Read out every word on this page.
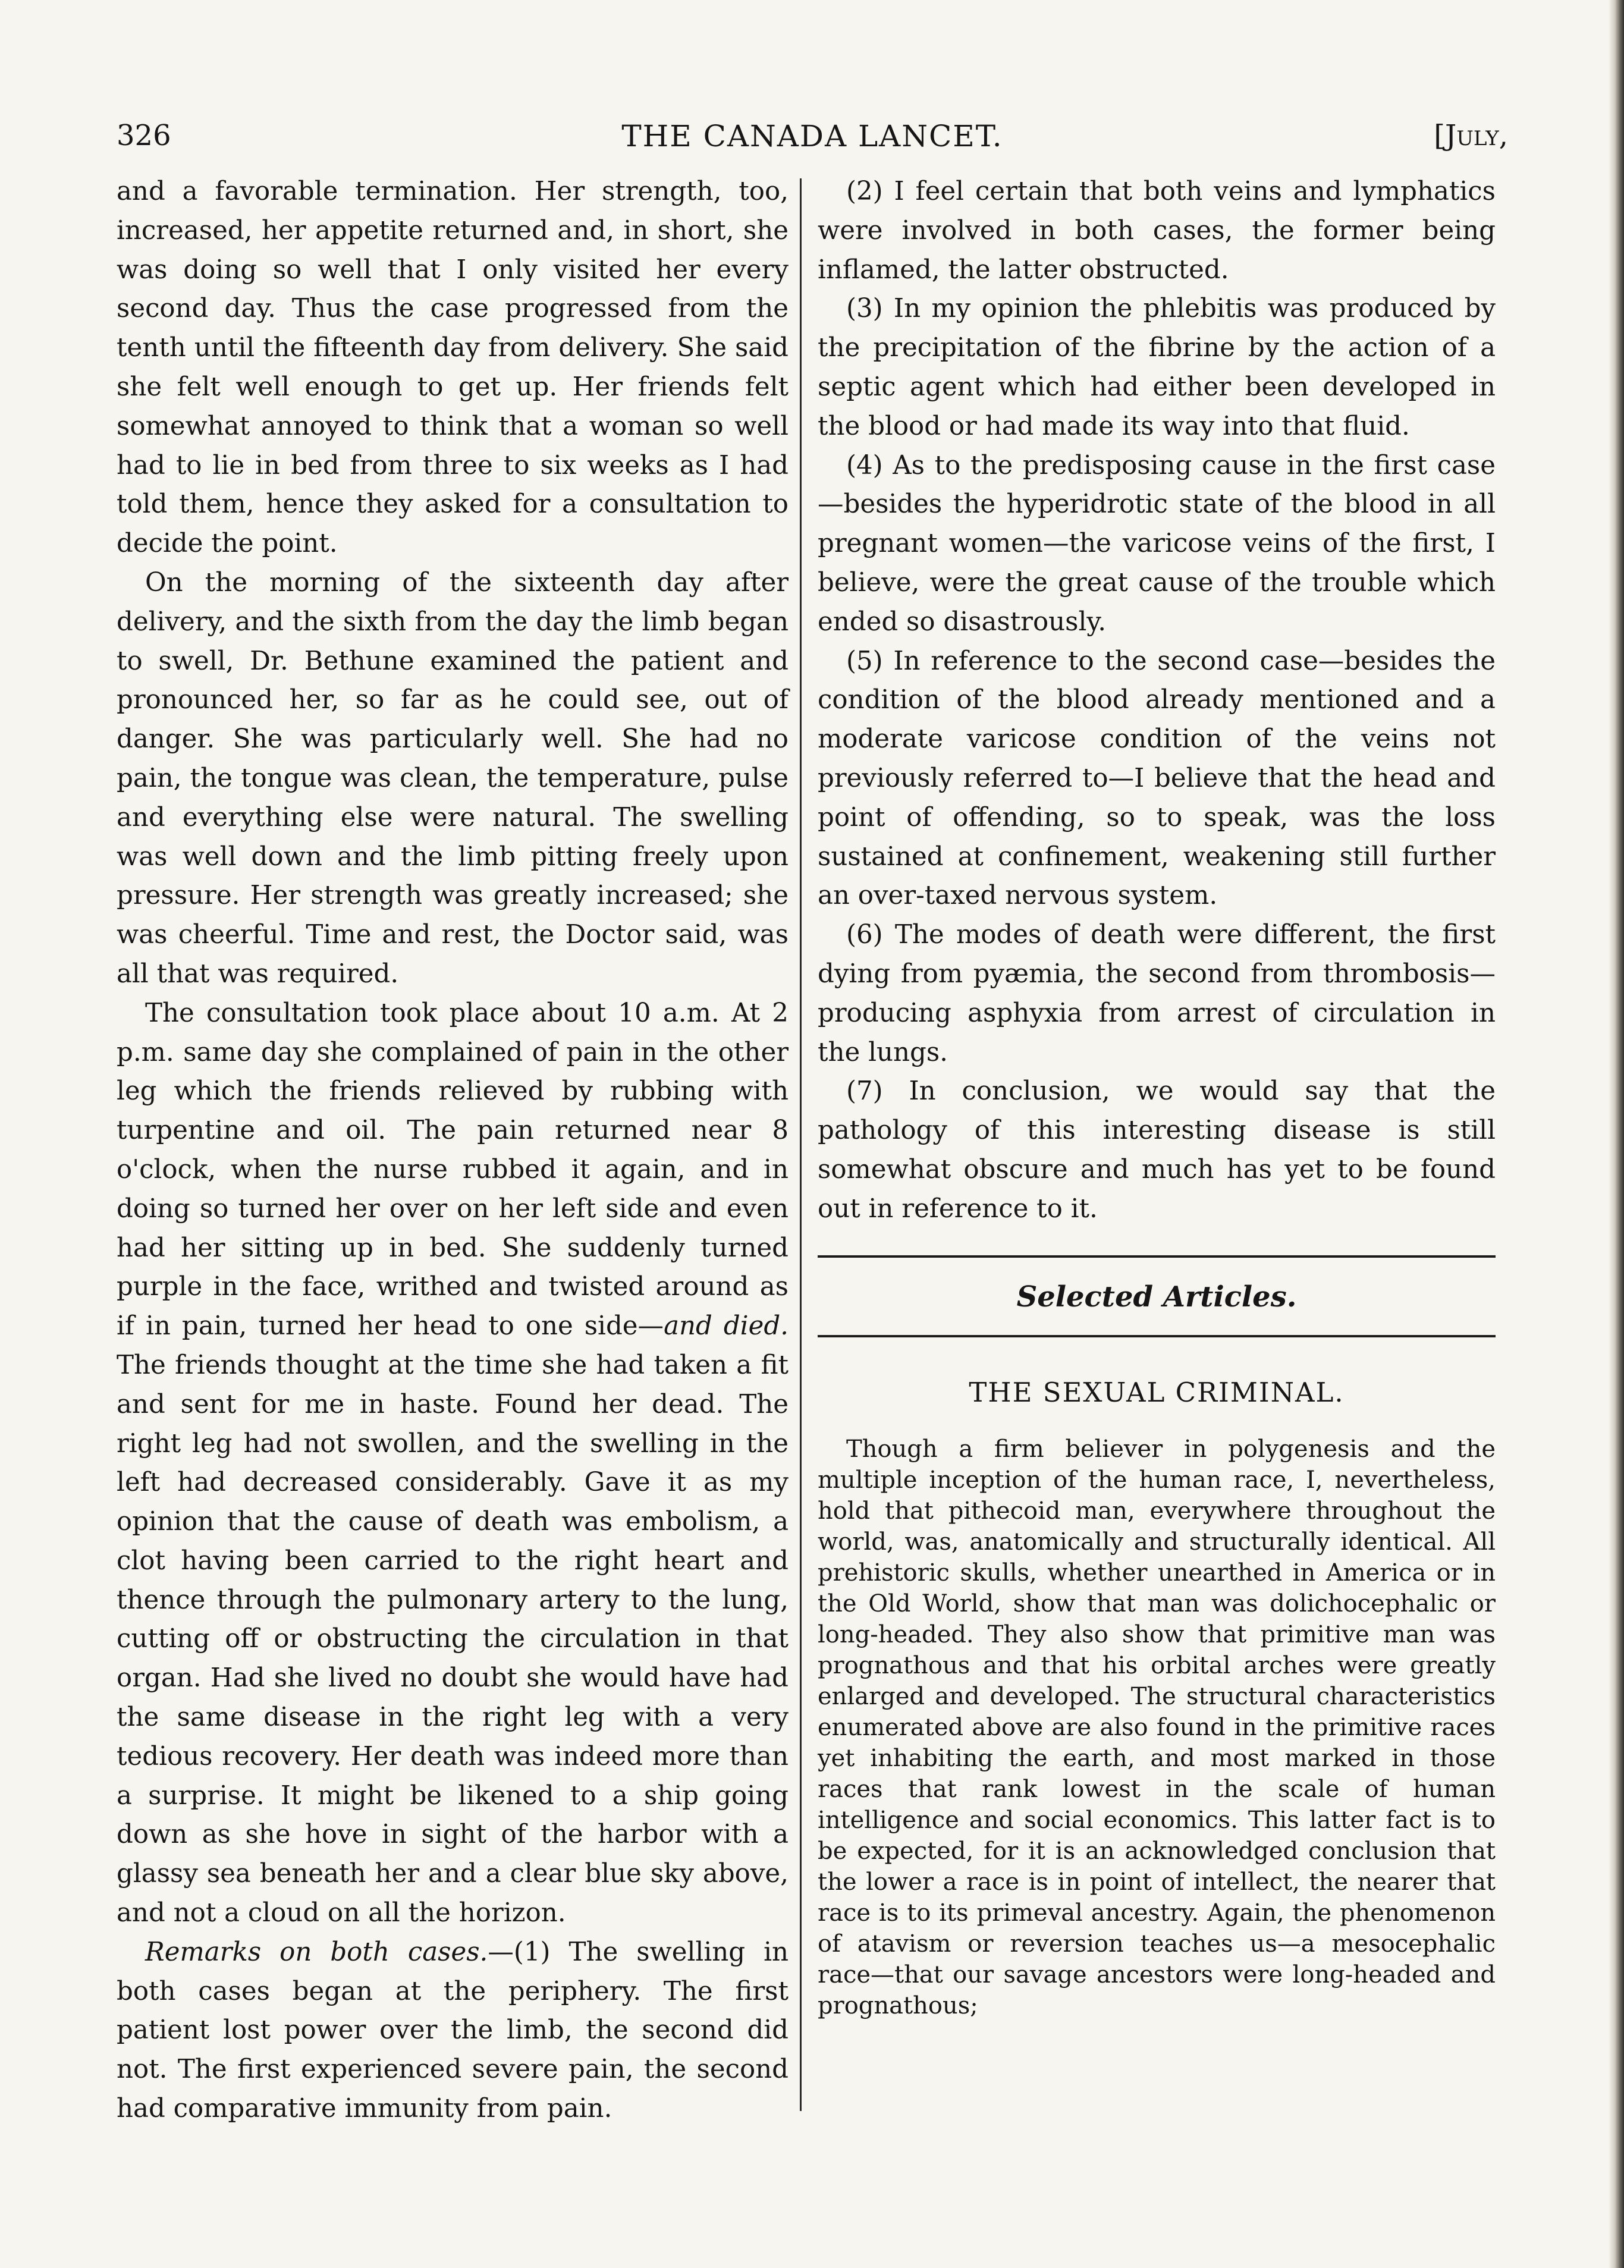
326	THE CANADA LANCET.	[July,

and a favorable termination. Her strength, too, increased, her appetite returned and, in short, she was doing so well that I only visited her every second day. Thus the case progressed from the tenth until the fifteenth day from delivery. She said she felt well enough to get up. Her friends felt somewhat annoyed to think that a woman so well had to lie in bed from three to six weeks as I had told them, hence they asked for a consultation to decide the point.

On the morning of the sixteenth day after delivery, and the sixth from the day the limb began to swell, Dr. Bethune examined the patient and pronounced her, so far as he could see, out of danger. She was particularly well. She had no pain, the tongue was clean, the temperature, pulse and everything else were natural. The swelling was well down and the limb pitting freely upon pressure. Her strength was greatly increased; she was cheerful. Time and rest, the Doctor said, was all that was required.

The consultation took place about 10 a.m. At 2 p.m. same day she complained of pain in the other leg which the friends relieved by rubbing with turpentine and oil. The pain returned near 8 o'clock, when the nurse rubbed it again, and in doing so turned her over on her left side and even had her sitting up in bed. She suddenly turned purple in the face, writhed and twisted around as if in pain, turned her head to one side—and died. The friends thought at the time she had taken a fit and sent for me in haste. Found her dead. The right leg had not swollen, and the swelling in the left had decreased considerably. Gave it as my opinion that the cause of death was embolism, a clot having been carried to the right heart and thence through the pulmonary artery to the lung, cutting off or obstructing the circulation in that organ. Had she lived no doubt she would have had the same disease in the right leg with a very tedious recovery. Her death was indeed more than a surprise. It might be likened to a ship going down as she hove in sight of the harbor with a glassy sea beneath her and a clear blue sky above, and not a cloud on all the horizon.

Remarks on both cases.—(1) The swelling in both cases began at the periphery. The first patient lost power over the limb, the second did not. The first experienced severe pain, the second had comparative immunity from pain.

(2) I feel certain that both veins and lymphatics were involved in both cases, the former being inflamed, the latter obstructed.

(3) In my opinion the phlebitis was produced by the precipitation of the fibrine by the action of a septic agent which had either been developed in the blood or had made its way into that fluid.

(4) As to the predisposing cause in the first case—besides the hyperidrotic state of the blood in all pregnant women—the varicose veins of the first, I believe, were the great cause of the trouble which ended so disastrously.

(5) In reference to the second case—besides the condition of the blood already mentioned and a moderate varicose condition of the veins not previously referred to—I believe that the head and point of offending, so to speak, was the loss sustained at confinement, weakening still further an over-taxed nervous system.

(6) The modes of death were different, the first dying from pyæmia, the second from thrombosis—producing asphyxia from arrest of circulation in the lungs.

(7) In conclusion, we would say that the pathology of this interesting disease is still somewhat obscure and much has yet to be found out in reference to it.

Selected Articles.
THE SEXUAL CRIMINAL.

Though a firm believer in polygenesis and the multiple inception of the human race, I, nevertheless, hold that pithecoid man, everywhere throughout the world, was, anatomically and structurally identical. All prehistoric skulls, whether unearthed in America or in the Old World, show that man was dolichocephalic or long-headed. They also show that primitive man was prognathous and that his orbital arches were greatly enlarged and developed. The structural characteristics enumerated above are also found in the primitive races yet inhabiting the earth, and most marked in those races that rank lowest in the scale of human intelligence and social economics. This latter fact is to be expected, for it is an acknowledged conclusion that the lower a race is in point of intellect, the nearer that race is to its primeval ancestry. Again, the phenomenon of atavism or reversion teaches us—a mesocephalic race—that our savage ancestors were long-headed and prognathous;
